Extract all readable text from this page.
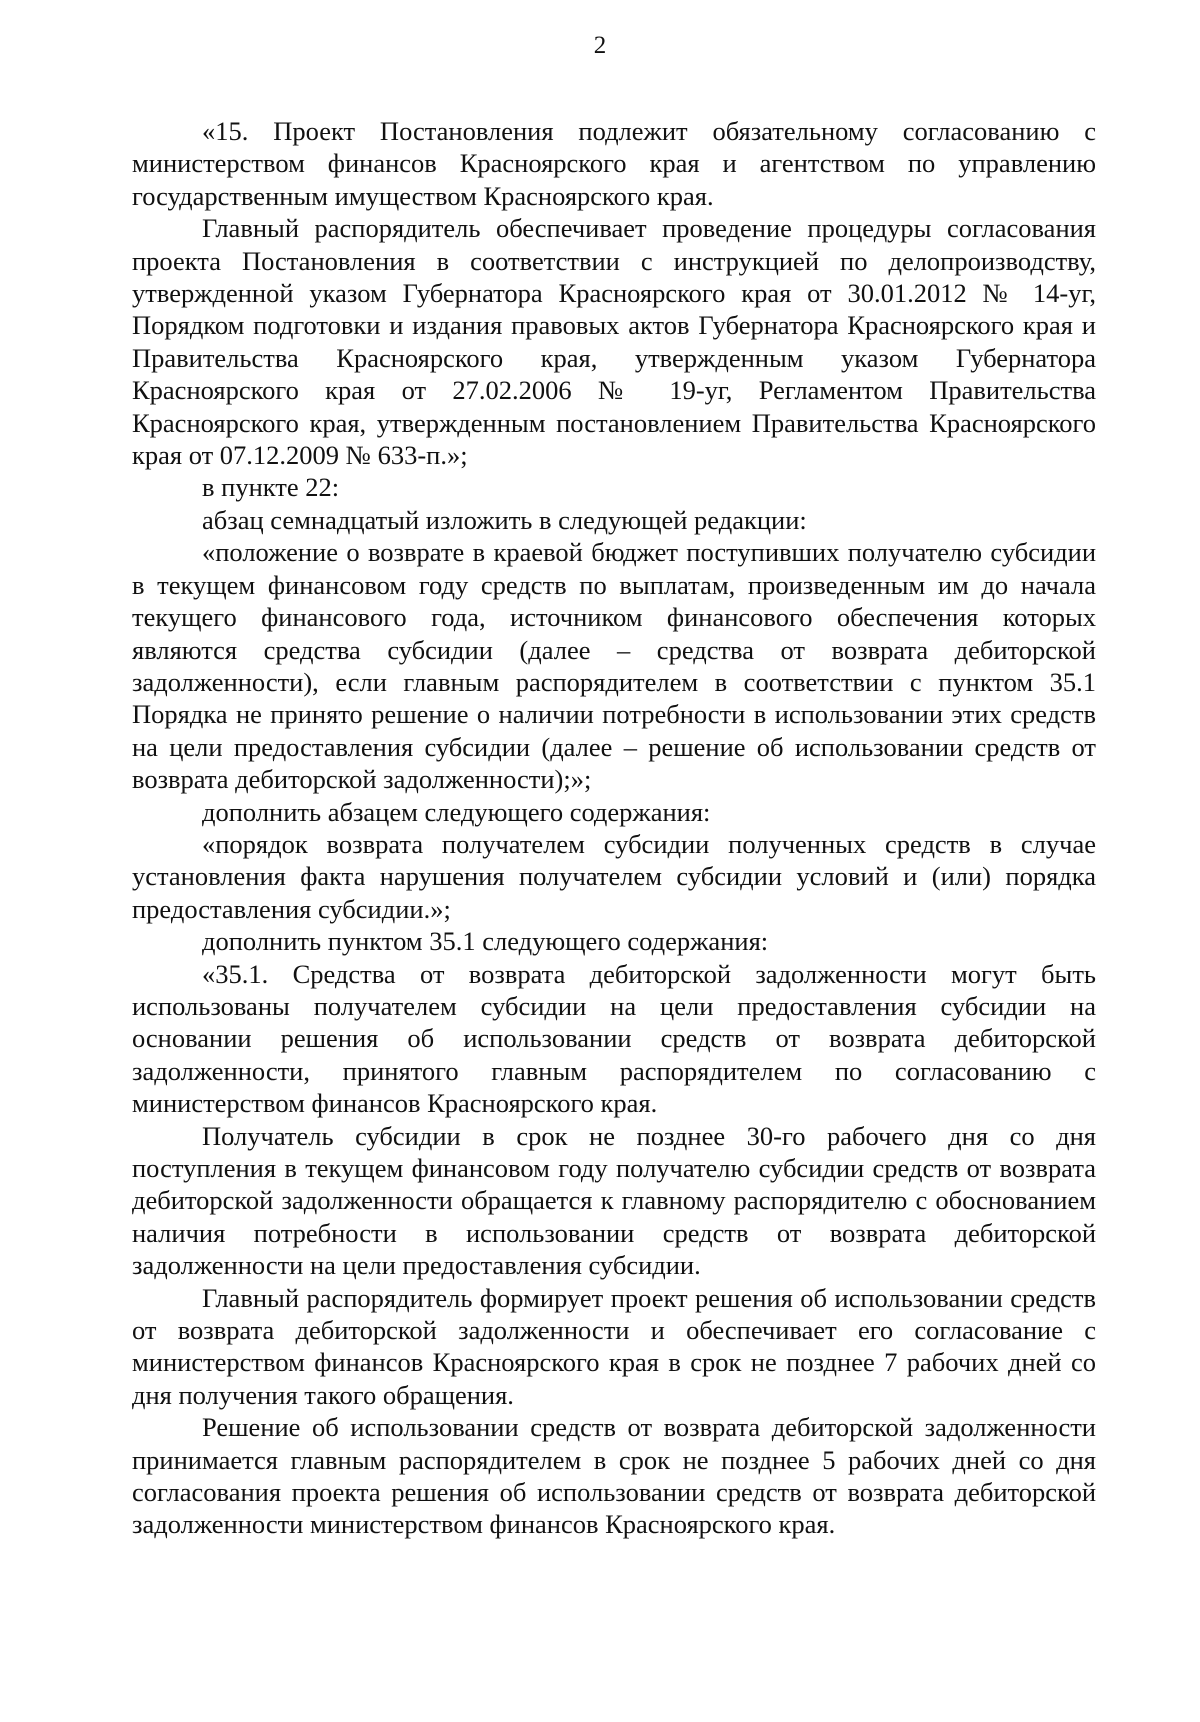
2

«15. Проект Постановления подлежит обязательному согласованию с министерством финансов Красноярского края и агентством по управлению государственным имуществом Красноярского края.

Главный распорядитель обеспечивает проведение процедуры согласования проекта Постановления в соответствии с инструкцией по делопроизводству, утвержденной указом Губернатора Красноярского края от 30.01.2012 № 14-уг, Порядком подготовки и издания правовых актов Губернатора Красноярского края и Правительства Красноярского края, утвержденным указом Губернатора Красноярского края от 27.02.2006 № 19-уг, Регламентом Правительства Красноярского края, утвержденным постановлением Правительства Красноярского края от 07.12.2009 № 633-п.»;

в пункте 22:

абзац семнадцатый изложить в следующей редакции:

«положение о возврате в краевой бюджет поступивших получателю субсидии в текущем финансовом году средств по выплатам, произведенным им до начала текущего финансового года, источником финансового обеспечения которых являются средства субсидии (далее – средства от возврата дебиторской задолженности), если главным распорядителем в соответствии с пунктом 35.1 Порядка не принято решение о наличии потребности в использовании этих средств на цели предоставления субсидии (далее – решение об использовании средств от возврата дебиторской задолженности);»;

дополнить абзацем следующего содержания:

«порядок возврата получателем субсидии полученных средств в случае установления факта нарушения получателем субсидии условий и (или) порядка предоставления субсидии.»;

дополнить пунктом 35.1 следующего содержания:

«35.1. Средства от возврата дебиторской задолженности могут быть использованы получателем субсидии на цели предоставления субсидии на основании решения об использовании средств от возврата дебиторской задолженности, принятого главным распорядителем по согласованию с министерством финансов Красноярского края.

Получатель субсидии в срок не позднее 30-го рабочего дня со дня поступления в текущем финансовом году получателю субсидии средств от возврата дебиторской задолженности обращается к главному распорядителю с обоснованием наличия потребности в использовании средств от возврата дебиторской задолженности на цели предоставления субсидии.

Главный распорядитель формирует проект решения об использовании средств от возврата дебиторской задолженности и обеспечивает его согласование с министерством финансов Красноярского края в срок не позднее 7 рабочих дней со дня получения такого обращения.

Решение об использовании средств от возврата дебиторской задолженности принимается главным распорядителем в срок не позднее 5 рабочих дней со дня согласования проекта решения об использовании средств от возврата дебиторской задолженности министерством финансов Красноярского края.
